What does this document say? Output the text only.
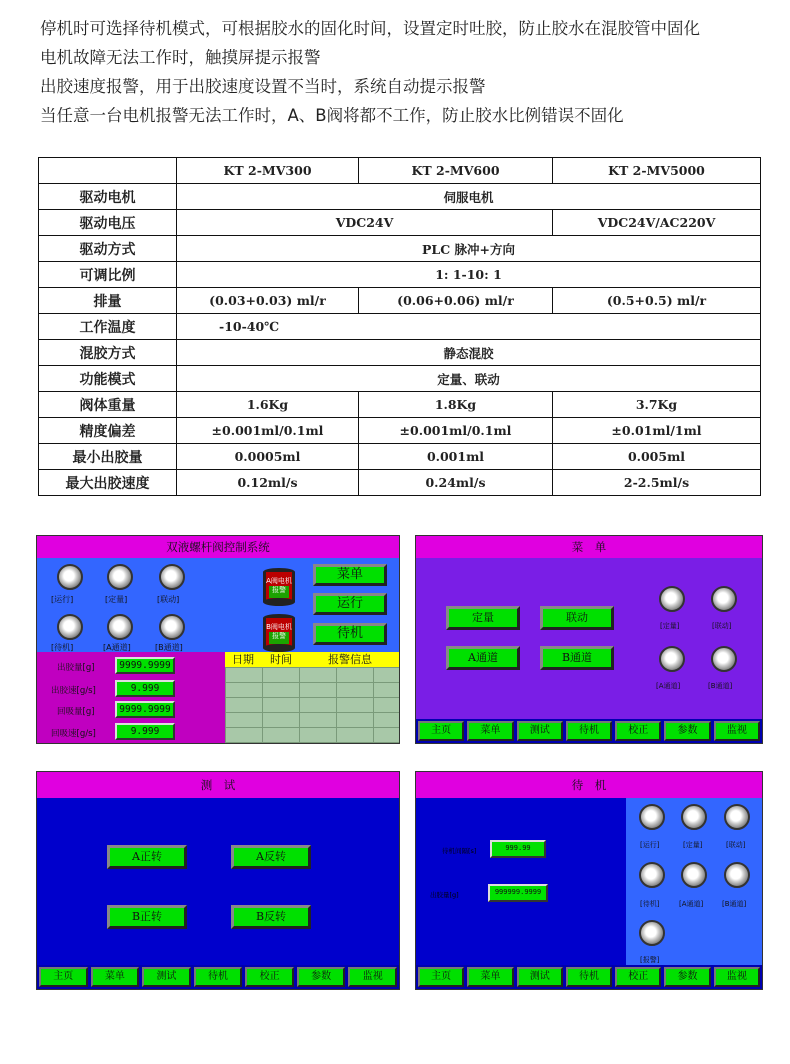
停机时可选择待机模式，可根据胶水的固化时间，设置定时吐胶，防止胶水在混胶管中固化

电机故障无法工作时，触摸屏提示报警

出胶速度报警，用于出胶速度设置不当时，系统自动提示报警

当任意一台电机报警无法工作时，A、B阀将都不工作，防止胶水比例错误不固化

	KT 2-MV300	KT 2-MV600	KT 2-MV5000
驱动电机	伺服电机		
驱动电压	VDC24V		VDC24V/AC220V
驱动方式	PLC 脉冲+方向		
可调比例	1: 1-10: 1		
排量	(0.03+0.03) ml/r	(0.06+0.06) ml/r	(0.5+0.5) ml/r
工作温度	-10-40℃		
混胶方式	静态混胶		
功能模式	定量、联动		
阀体重量	1.6Kg	1.8Kg	3.7Kg
精度偏差	±0.001ml/0.1ml	±0.001ml/0.1ml	±0.01ml/1ml
最小出胶量	0.0005ml	0.001ml	0.005ml
最大出胶速度	0.12ml/s	0.24ml/s	2-2.5ml/s
双液螺杆阀控制系统
[运行]	[定量]	[联动]
[待机]	[A通道]	[B通道]
A阀电机报警
B阀电机报警
菜单
运行
待机
出胶量[g]	9999.9999
出胶速[g/s]	9.999
回吸量[g]	9999.9999
回吸速[g/s]	9.999
日期	时间	报警信息
菜　单
定量	联动
A通道	B通道
[定量]	[联动]
[A通道]	[B通道]
主页	菜单	测试	待机	校正	参数	监视
测　试
A正转	A反转
B正转	B反转
主页	菜单	测试	待机	校正	参数	监视
待　机
待机间隔[s]	999.99
出胶量[g]	999999.9999
[运行]	[定量]	[联动]
[待机]	[A通道]	[B通道]
[报警]
主页	菜单	测试	待机	校正	参数	监视
